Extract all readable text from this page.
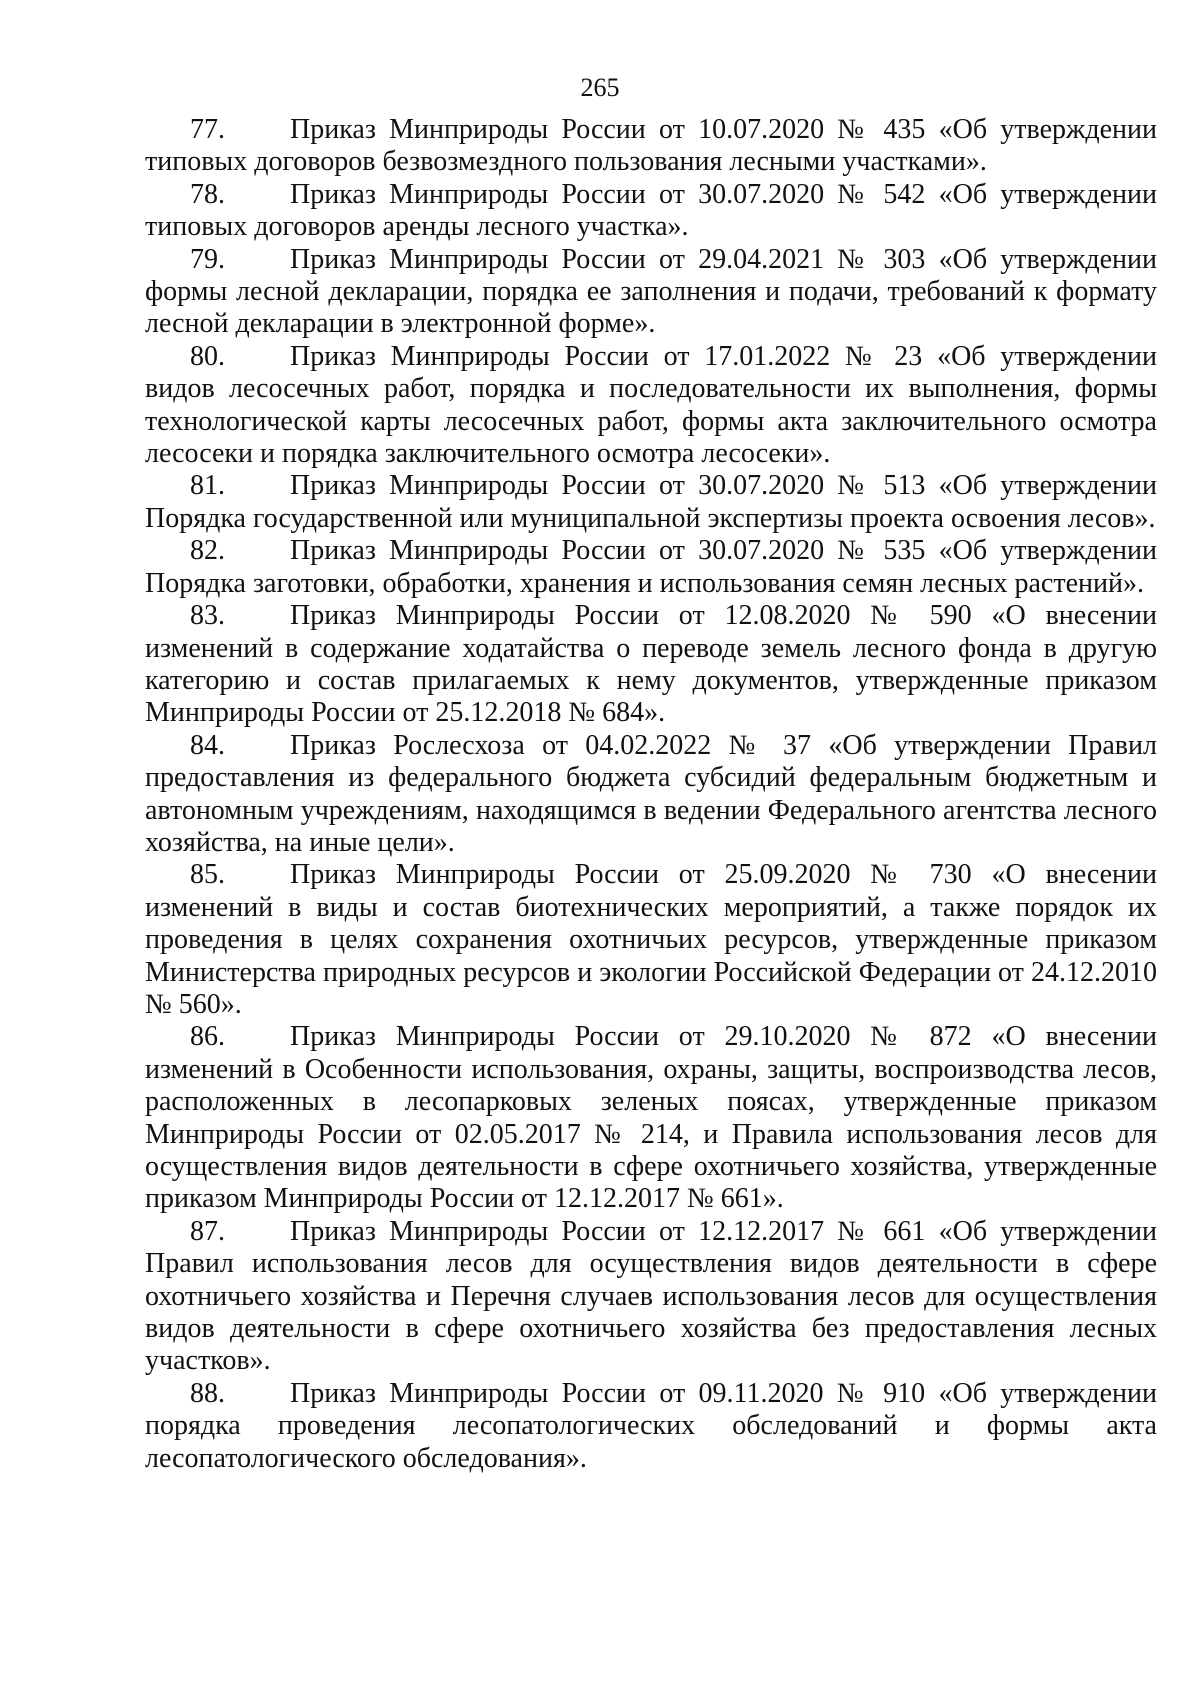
265

77. Приказ Минприроды России от 10.07.2020 № 435 «Об утверждении типовых договоров безвозмездного пользования лесными участками».

78. Приказ Минприроды России от 30.07.2020 № 542 «Об утверждении типовых договоров аренды лесного участка».

79. Приказ Минприроды России от 29.04.2021 № 303 «Об утверждении формы лесной декларации, порядка ее заполнения и подачи, требований к формату лесной декларации в электронной форме».

80. Приказ Минприроды России от 17.01.2022 № 23 «Об утверждении видов лесосечных работ, порядка и последовательности их выполнения, формы технологической карты лесосечных работ, формы акта заключительного осмотра лесосеки и порядка заключительного осмотра лесосеки».

81. Приказ Минприроды России от 30.07.2020 № 513 «Об утверждении Порядка государственной или муниципальной экспертизы проекта освоения лесов».

82. Приказ Минприроды России от 30.07.2020 № 535 «Об утверждении Порядка заготовки, обработки, хранения и использования семян лесных растений».

83. Приказ Минприроды России от 12.08.2020 № 590 «О внесении изменений в содержание ходатайства о переводе земель лесного фонда в другую категорию и состав прилагаемых к нему документов, утвержденные приказом Минприроды России от 25.12.2018 № 684».

84. Приказ Рослесхоза от 04.02.2022 № 37 «Об утверждении Правил предоставления из федерального бюджета субсидий федеральным бюджетным и автономным учреждениям, находящимся в ведении Федерального агентства лесного хозяйства, на иные цели».

85. Приказ Минприроды России от 25.09.2020 № 730 «О внесении изменений в виды и состав биотехнических мероприятий, а также порядок их проведения в целях сохранения охотничьих ресурсов, утвержденные приказом Министерства природных ресурсов и экологии Российской Федерации от 24.12.2010 № 560».

86. Приказ Минприроды России от 29.10.2020 № 872 «О внесении изменений в Особенности использования, охраны, защиты, воспроизводства лесов, расположенных в лесопарковых зеленых поясах, утвержденные приказом Минприроды России от 02.05.2017 № 214, и Правила использования лесов для осуществления видов деятельности в сфере охотничьего хозяйства, утвержденные приказом Минприроды России от 12.12.2017 № 661».

87. Приказ Минприроды России от 12.12.2017 № 661 «Об утверждении Правил использования лесов для осуществления видов деятельности в сфере охотничьего хозяйства и Перечня случаев использования лесов для осуществления видов деятельности в сфере охотничьего хозяйства без предоставления лесных участков».

88. Приказ Минприроды России от 09.11.2020 № 910 «Об утверждении порядка проведения лесопатологических обследований и формы акта лесопатологического обследования».
